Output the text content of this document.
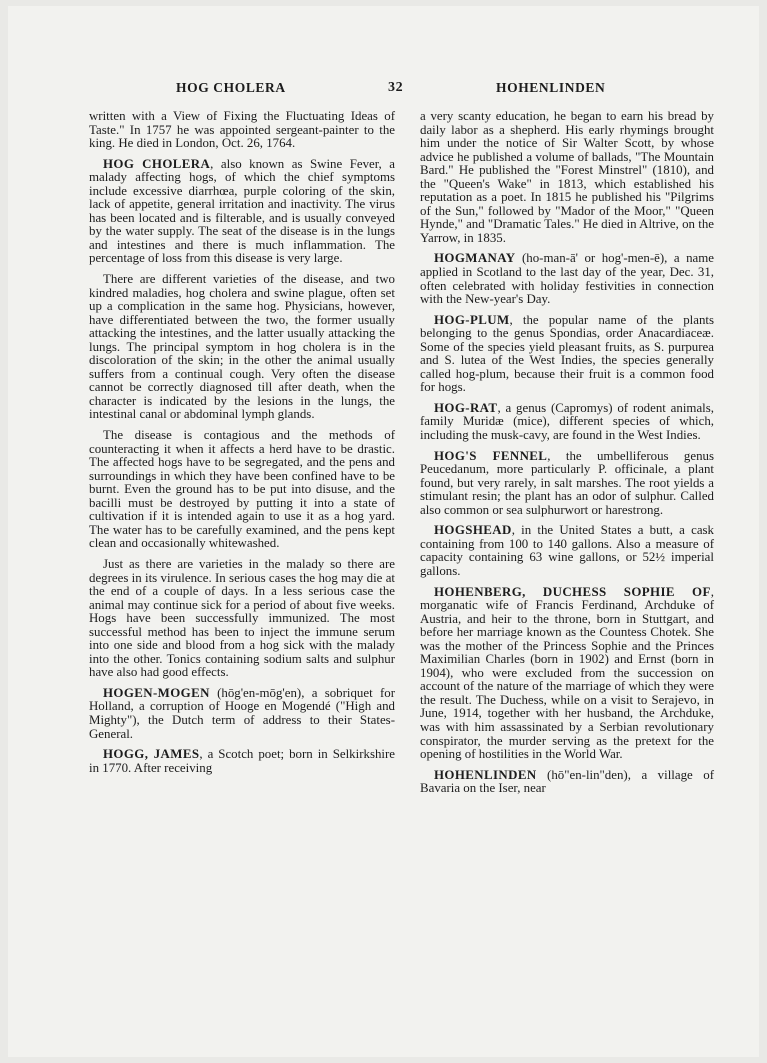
HOG CHOLERA	32	HOHENLINDEN

written with a View of Fixing the Fluctuating Ideas of Taste." In 1757 he was appointed sergeant-painter to the king. He died in London, Oct. 26, 1764.

HOG CHOLERA, also known as Swine Fever, a malady affecting hogs, of which the chief symptoms include excessive diarrhœa, purple coloring of the skin, lack of appetite, general irritation and inactivity. The virus has been located and is filterable, and is usually conveyed by the water supply. The seat of the disease is in the lungs and intestines and there is much inflammation. The percentage of loss from this disease is very large.

There are different varieties of the disease, and two kindred maladies, hog cholera and swine plague, often set up a complication in the same hog. Physicians, however, have differentiated between the two, the former usually attacking the intestines, and the latter usually attacking the lungs. The principal symptom in hog cholera is in the discoloration of the skin; in the other the animal usually suffers from a continual cough. Very often the disease cannot be correctly diagnosed till after death, when the character is indicated by the lesions in the lungs, the intestinal canal or abdominal lymph glands.

The disease is contagious and the methods of counteracting it when it affects a herd have to be drastic. The affected hogs have to be segregated, and the pens and surroundings in which they have been confined have to be burnt. Even the ground has to be put into disuse, and the bacilli must be destroyed by putting it into a state of cultivation if it is intended again to use it as a hog yard. The water has to be carefully examined, and the pens kept clean and occasionally whitewashed.

Just as there are varieties in the malady so there are degrees in its virulence. In serious cases the hog may die at the end of a couple of days. In a less serious case the animal may continue sick for a period of about five weeks. Hogs have been successfully immunized. The most successful method has been to inject the immune serum into one side and blood from a hog sick with the malady into the other. Tonics containing sodium salts and sulphur have also had good effects.

HOGEN-MOGEN (hōg'en-mōg'en), a sobriquet for Holland, a corruption of Hooge en Mogendé ("High and Mighty"), the Dutch term of address to their States-General.

HOGG, JAMES, a Scotch poet; born in Selkirkshire in 1770. After receiving

a very scanty education, he began to earn his bread by daily labor as a shepherd. His early rhymings brought him under the notice of Sir Walter Scott, by whose advice he published a volume of ballads, "The Mountain Bard." He published the "Forest Minstrel" (1810), and the "Queen's Wake" in 1813, which established his reputation as a poet. In 1815 he published his "Pilgrims of the Sun," followed by "Mador of the Moor," "Queen Hynde," and "Dramatic Tales." He died in Altrive, on the Yarrow, in 1835.

HOGMANAY (ho-man-ā' or hog'-men-ē), a name applied in Scotland to the last day of the year, Dec. 31, often celebrated with holiday festivities in connection with the New-year's Day.

HOG-PLUM, the popular name of the plants belonging to the genus Spondias, order Anacardiaceæ. Some of the species yield pleasant fruits, as S. purpurea and S. lutea of the West Indies, the species generally called hog-plum, because their fruit is a common food for hogs.

HOG-RAT, a genus (Capromys) of rodent animals, family Muridæ (mice), different species of which, including the musk-cavy, are found in the West Indies.

HOG'S FENNEL, the umbelliferous genus Peucedanum, more particularly P. officinale, a plant found, but very rarely, in salt marshes. The root yields a stimulant resin; the plant has an odor of sulphur. Called also common or sea sulphurwort or harestrong.

HOGSHEAD, in the United States a butt, a cask containing from 100 to 140 gallons. Also a measure of capacity containing 63 wine gallons, or 52½ imperial gallons.

HOHENBERG, DUCHESS SOPHIE OF, morganatic wife of Francis Ferdinand, Archduke of Austria, and heir to the throne, born in Stuttgart, and before her marriage known as the Countess Chotek. She was the mother of the Princess Sophie and the Princes Maximilian Charles (born in 1902) and Ernst (born in 1904), who were excluded from the succession on account of the nature of the marriage of which they were the result. The Duchess, while on a visit to Serajevo, in June, 1914, together with her husband, the Archduke, was with him assassinated by a Serbian revolutionary conspirator, the murder serving as the pretext for the opening of hostilities in the World War.

HOHENLINDEN (hō"en-lin"den), a village of Bavaria on the Iser, near
